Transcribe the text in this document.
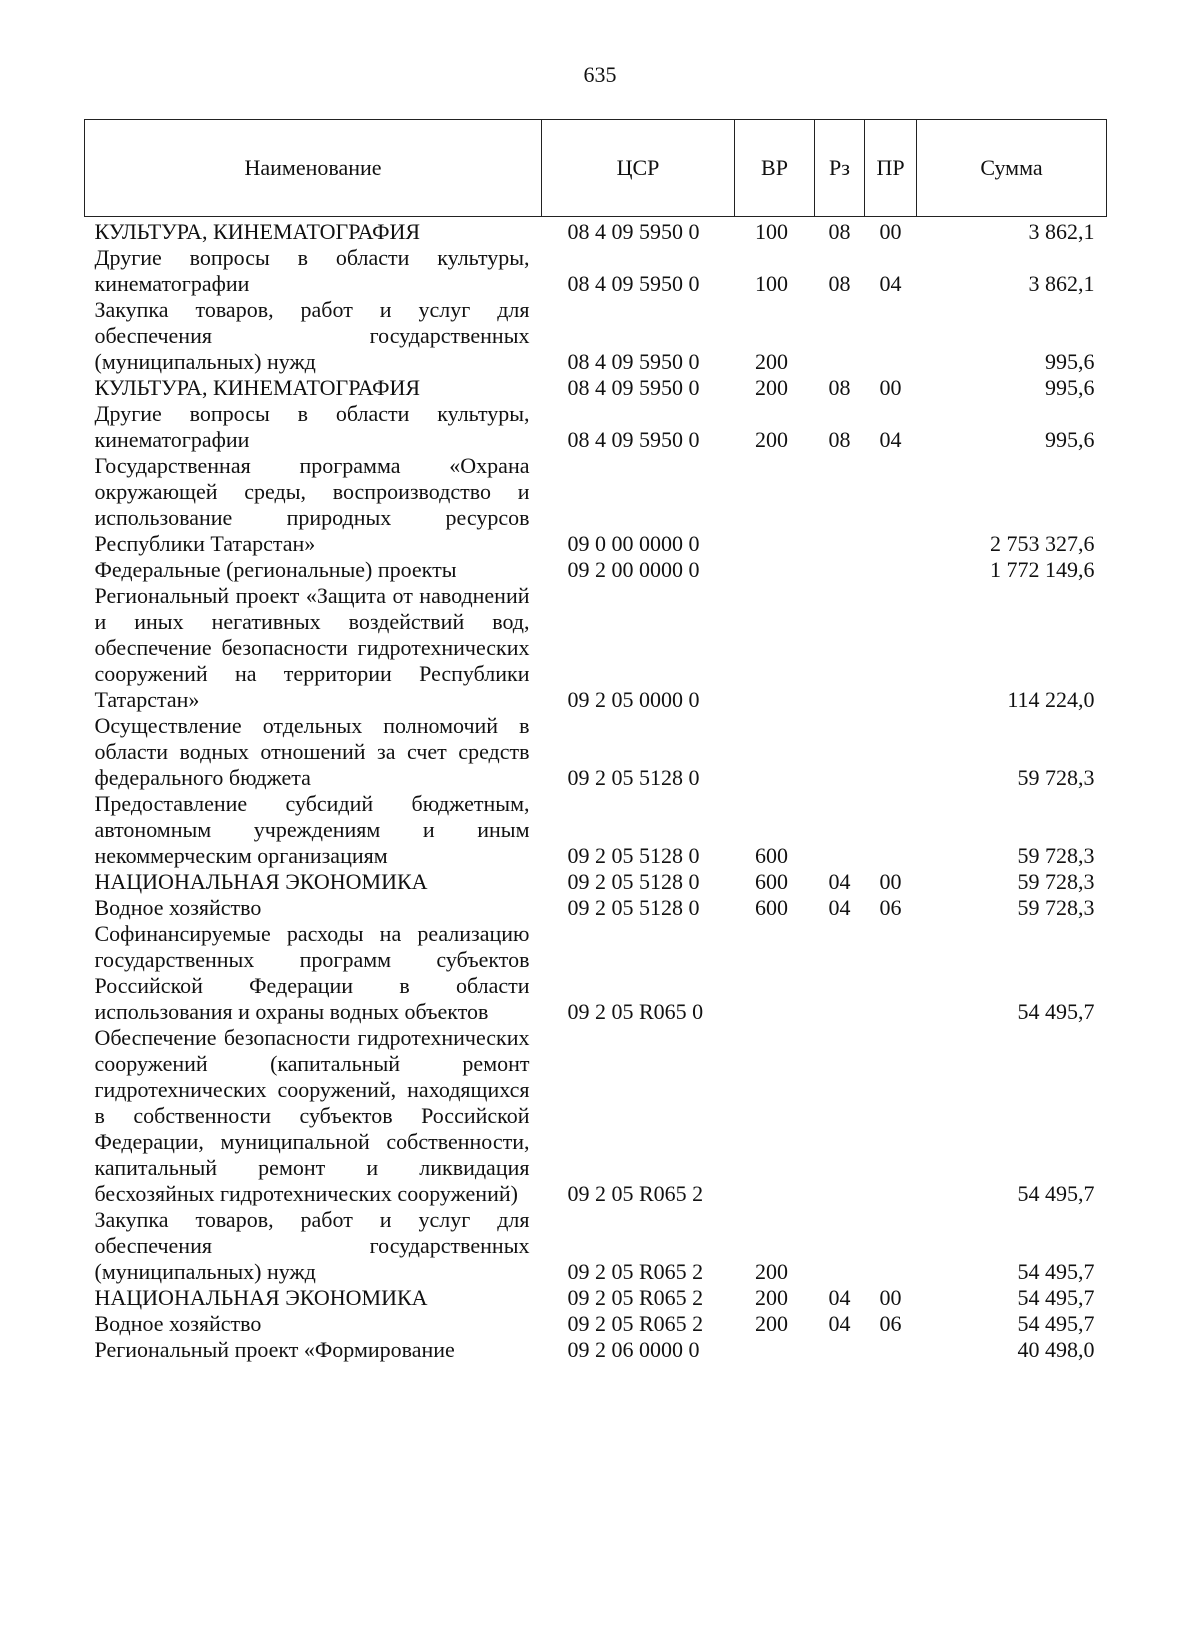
635
Наименование	ЦСР	ВР	Рз	ПР	Сумма
КУЛЬТУРА, КИНЕМАТОГРАФИЯ	08 4 09 5950 0	100	08	00	3 862,1
Другие вопросы в области культуры, кинематографии	08 4 09 5950 0	100	08	04	3 862,1
Закупка товаров, работ и услуг для обеспечения государственных (муниципальных) нужд	08 4 09 5950 0	200			995,6
КУЛЬТУРА, КИНЕМАТОГРАФИЯ	08 4 09 5950 0	200	08	00	995,6
Другие вопросы в области культуры, кинематографии	08 4 09 5950 0	200	08	04	995,6
Государственная программа «Охрана окружающей среды, воспроизводство и использование природных ресурсов Республики Татарстан»	09 0 00 0000 0				2 753 327,6
Федеральные (региональные) проекты	09 2 00 0000 0				1 772 149,6
Региональный проект «Защита от наводнений и иных негативных воздействий вод, обеспечение безопасности гидротехнических сооружений на территории Республики Татарстан»	09 2 05 0000 0				114 224,0
Осуществление отдельных полномочий в области водных отношений за счет средств федерального бюджета	09 2 05 5128 0				59 728,3
Предоставление субсидий бюджетным, автономным учреждениям и иным некоммерческим организациям	09 2 05 5128 0	600			59 728,3
НАЦИОНАЛЬНАЯ ЭКОНОМИКА	09 2 05 5128 0	600	04	00	59 728,3
Водное хозяйство	09 2 05 5128 0	600	04	06	59 728,3
Софинансируемые расходы на реализацию государственных программ субъектов Российской Федерации в области использования и охраны водных объектов	09 2 05 R065 0				54 495,7
Обеспечение безопасности гидротехнических сооружений (капитальный ремонт гидротехнических сооружений, находящихся в собственности субъектов Российской Федерации, муниципальной собственности, капитальный ремонт и ликвидация бесхозяйных гидротехнических сооружений)	09 2 05 R065 2				54 495,7
Закупка товаров, работ и услуг для обеспечения государственных (муниципальных) нужд	09 2 05 R065 2	200			54 495,7
НАЦИОНАЛЬНАЯ ЭКОНОМИКА	09 2 05 R065 2	200	04	00	54 495,7
Водное хозяйство	09 2 05 R065 2	200	04	06	54 495,7
Региональный проект «Формирование	09 2 06 0000 0				40 498,0
